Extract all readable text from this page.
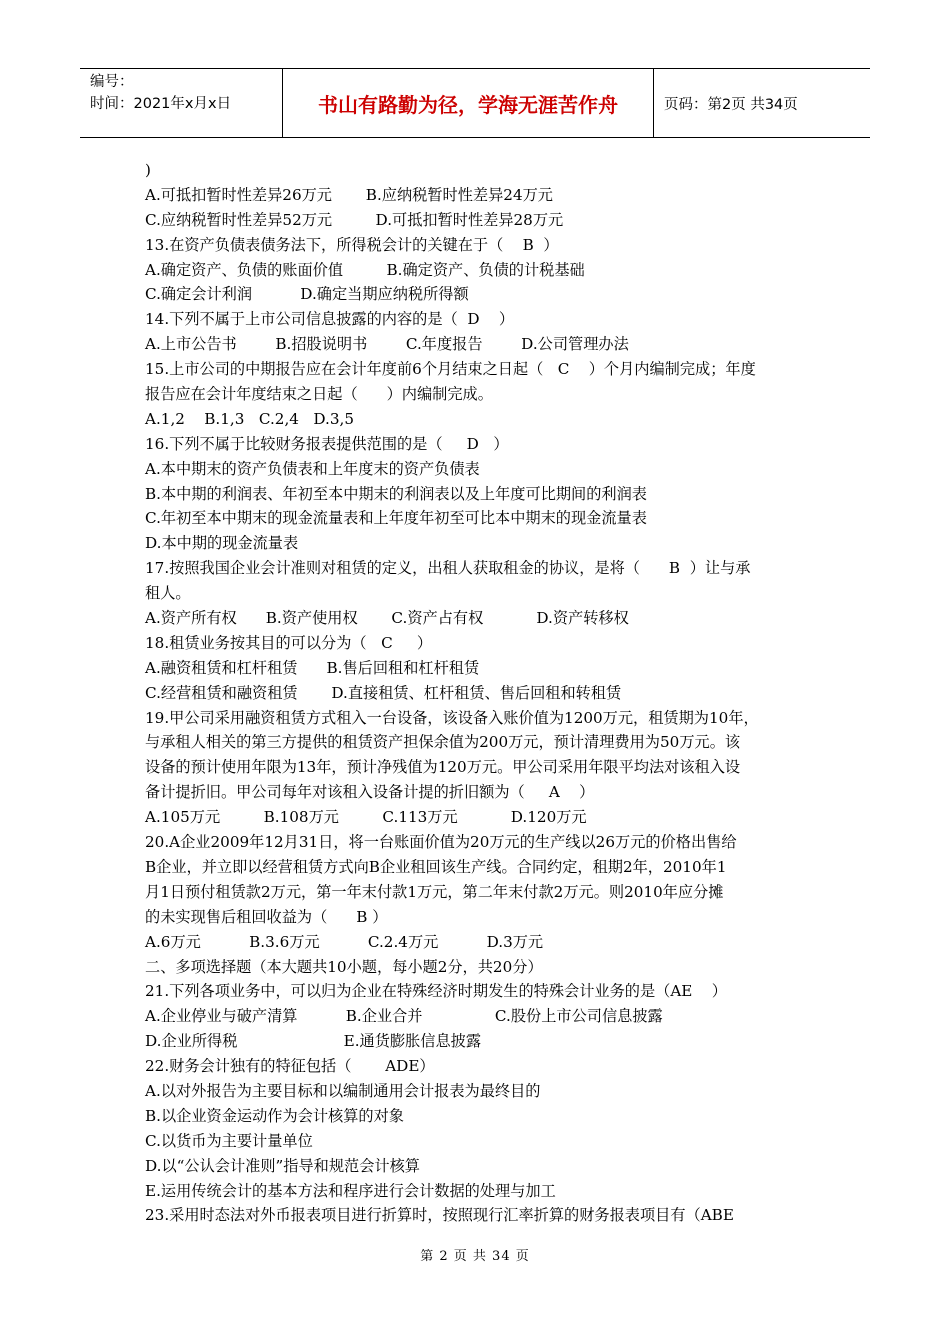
编号：
时间：2021年x月x日	书山有路勤为径，学海无涯苦作舟	页码：第2页 共34页
)
A.可抵扣暂时性差异26万元       B.应纳税暂时性差异24万元
C.应纳税暂时性差异52万元         D.可抵扣暂时性差异28万元
13.在资产负债表债务法下，所得税会计的关键在于（    B  ）
A.确定资产、负债的账面价值         B.确定资产、负债的计税基础
C.确定会计利润          D.确定当期应纳税所得额
14.下列不属于上市公司信息披露的内容的是（  D    ）
A.上市公告书        B.招股说明书        C.年度报告        D.公司管理办法
15.上市公司的中期报告应在会计年度前6个月结束之日起（   C    ）个月内编制完成；年度
报告应在会计年度结束之日起（      ）内编制完成。
A.1,2    B.1,3   C.2,4   D.3,5
16.下列不属于比较财务报表提供范围的是（     D   ）
A.本中期末的资产负债表和上年度末的资产负债表
B.本中期的利润表、年初至本中期末的利润表以及上年度可比期间的利润表
C.年初至本中期末的现金流量表和上年度年初至可比本中期末的现金流量表
D.本中期的现金流量表
17.按照我国企业会计准则对租赁的定义，出租人获取租金的协议，是将（      B  ）让与承
租人。
A.资产所有权      B.资产使用权       C.资产占有权           D.资产转移权
18.租赁业务按其目的可以分为（   C     ）
A.融资租赁和杠杆租赁      B.售后回租和杠杆租赁
C.经营租赁和融资租赁       D.直接租赁、杠杆租赁、售后回租和转租赁
19.甲公司采用融资租赁方式租入一台设备，该设备入账价值为1200万元，租赁期为10年，
与承租人相关的第三方提供的租赁资产担保余值为200万元，预计清理费用为50万元。该
设备的预计使用年限为13年，预计净残值为120万元。甲公司采用年限平均法对该租入设
备计提折旧。甲公司每年对该租入设备计提的折旧额为（     A    ）
A.105万元         B.108万元         C.113万元           D.120万元
20.A企业2009年12月31日，将一台账面价值为20万元的生产线以26万元的价格出售给
B企业，并立即以经营租赁方式向B企业租回该生产线。合同约定，租期2年，2010年1
月1日预付租赁款2万元，第一年末付款1万元，第二年末付款2万元。则2010年应分摊
的未实现售后租回收益为（      B ）
A.6万元          B.3.6万元          C.2.4万元          D.3万元
二、多项选择题（本大题共10小题，每小题2分，共20分）
21.下列各项业务中，可以归为企业在特殊经济时期发生的特殊会计业务的是（AE    ）
A.企业停业与破产清算          B.企业合并               C.股份上市公司信息披露
D.企业所得税                      E.通货膨胀信息披露
22.财务会计独有的特征包括（       ADE）
A.以对外报告为主要目标和以编制通用会计报表为最终目的
B.以企业资金运动作为会计核算的对象
C.以货币为主要计量单位
D.以“公认会计准则”指导和规范会计核算
E.运用传统会计的基本方法和程序进行会计数据的处理与加工
23.采用时态法对外币报表项目进行折算时，按照现行汇率折算的财务报表项目有（ABE
第 2 页 共 34 页
